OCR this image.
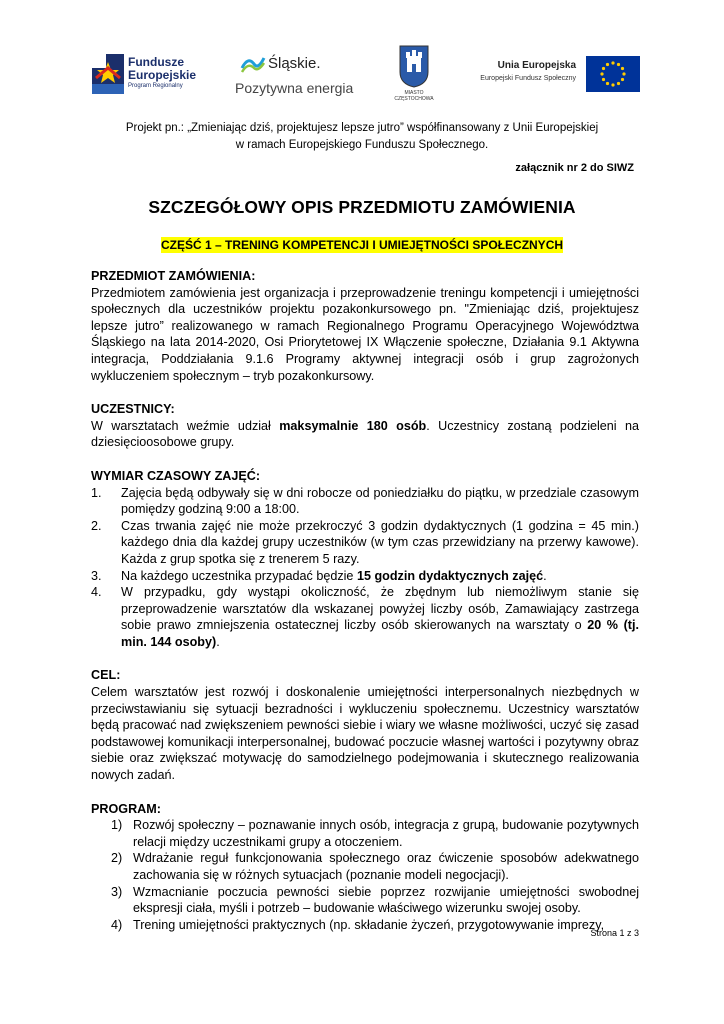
Fundusze
Europejskie
Program Regionalny
Śląskie.
Pozytywna energia	MIASTO
CZĘSTOCHOWA
Unia Europejska
Europejski Fundusz Społeczny
Projekt pn.: „Zmieniając dziś, projektujesz lepsze jutro” współfinansowany z Unii Europejskiej
w ramach Europejskiego Funduszu Społecznego.
załącznik nr 2 do SIWZ
SZCZEGÓŁOWY OPIS PRZEDMIOTU ZAMÓWIENIA
CZĘŚĆ 1 – TRENING KOMPETENCJI I UMIEJĘTNOŚCI SPOŁECZNYCH
PRZEDMIOT ZAMÓWIENIA:
Przedmiotem zamówienia jest organizacja i przeprowadzenie treningu kompetencji i umiejętności społecznych dla uczestników projektu pozakonkursowego pn. "Zmieniając dziś, projektujesz lepsze jutro” realizowanego w ramach Regionalnego Programu Operacyjnego Województwa Śląskiego na lata 2014-2020, Osi Priorytetowej IX Włączenie społeczne, Działania 9.1 Aktywna integracja, Poddziałania 9.1.6 Programy aktywnej integracji osób i grup zagrożonych wykluczeniem społecznym – tryb pozakonkursowy.
UCZESTNICY:
W warsztatach weźmie udział maksymalnie 180 osób. Uczestnicy zostaną podzieleni na dziesięcioosobowe grupy.
WYMIAR CZASOWY ZAJĘĆ:
1. Zajęcia będą odbywały się w dni robocze od poniedziałku do piątku, w przedziale czasowym pomiędzy godziną 9:00 a 18:00.
2. Czas trwania zajęć nie może przekroczyć 3 godzin dydaktycznych (1 godzina = 45 min.) każdego dnia dla każdej grupy uczestników (w tym czas przewidziany na przerwy kawowe). Każda z grup spotka się z trenerem 5 razy.
3. Na każdego uczestnika przypadać będzie 15 godzin dydaktycznych zajęć.
4. W przypadku, gdy wystąpi okoliczność, że zbędnym lub niemożliwym stanie się przeprowadzenie warsztatów dla wskazanej powyżej liczby osób, Zamawiający zastrzega sobie prawo zmniejszenia ostatecznej liczby osób skierowanych na warsztaty o 20 % (tj. min. 144 osoby).
CEL:
Celem warsztatów jest rozwój i doskonalenie umiejętności interpersonalnych niezbędnych w przeciwstawianiu się sytuacji bezradności i wykluczeniu społecznemu. Uczestnicy warsztatów będą pracować nad zwiększeniem pewności siebie i wiary we własne możliwości, uczyć się zasad podstawowej komunikacji interpersonalnej, budować poczucie własnej wartości i pozytywny obraz siebie oraz zwiększać motywację do samodzielnego podejmowania i skutecznego realizowania nowych zadań.
PROGRAM:
1) Rozwój społeczny – poznawanie innych osób, integracja z grupą, budowanie pozytywnych relacji między uczestnikami grupy a otoczeniem.
2) Wdrażanie reguł funkcjonowania społecznego oraz ćwiczenie sposobów adekwatnego zachowania się w różnych sytuacjach (poznanie modeli negocjacji).
3) Wzmacnianie poczucia pewności siebie poprzez rozwijanie umiejętności swobodnej ekspresji ciała, myśli i potrzeb – budowanie właściwego wizerunku swojej osoby.
4) Trening umiejętności praktycznych (np. składanie życzeń, przygotowywanie imprezy,
Strona 1 z 3
